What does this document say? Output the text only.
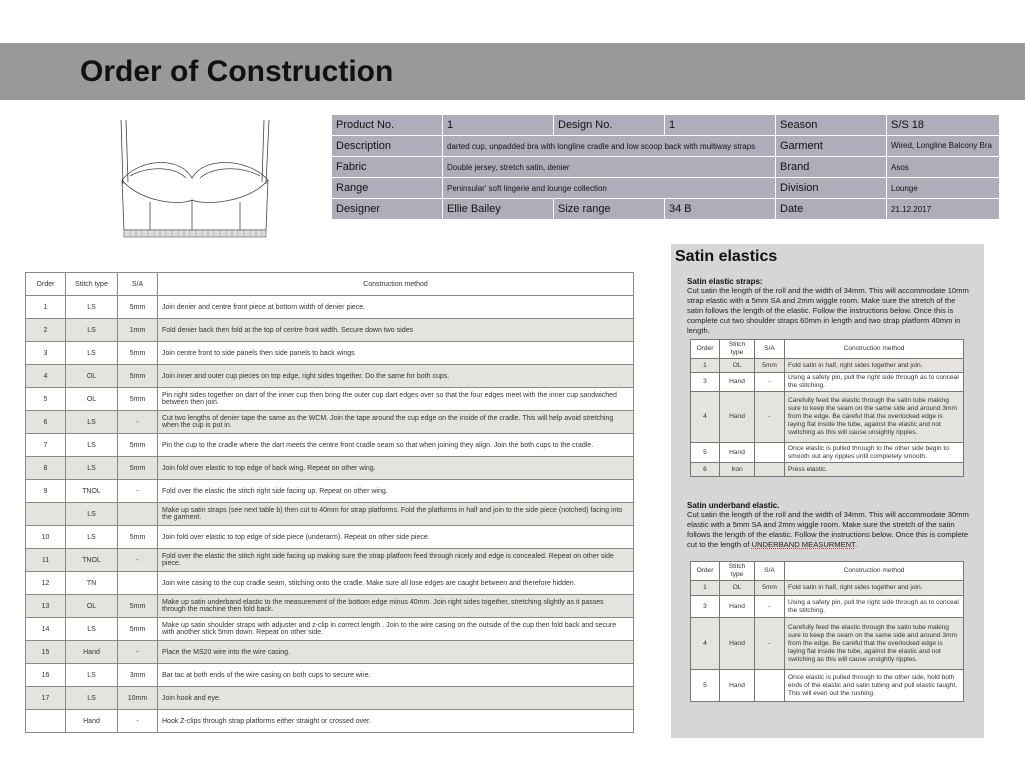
Order of Construction
Product No.	1	Design No.	1	Season	S/S 18
Description	darted cup, unpadded bra with longline cradle and low scoop back with multiway straps			Garment	Wired, Longline Balcony Bra
Fabric	Double jersey, stretch satin, denier			Brand	Asos
Range	Peninsular' soft lingerie and lounge collection			Division	Lounge
Designer	Ellie Bailey	Size range	34 B	Date	21.12.2017
Order	Stitch type	S/A	Construction method
1	LS	5mm	Join denier and centre front piece at bottom width of denier piece.
2	LS	1mm	Fold denier back then fold at the top of centre front width. Secure down two sides
3	LS	5mm	Join centre front to side panels then side panels to back wings
4	OL	5mm	Join inner and outer cup pieces on top edge, right sides together. Do the same for both cups.
5	OL	5mm	Pin right sides together on dart of the inner cup then bring the outer cup dart edges over so that the four edges meet with the inner cup sandwiched between then join.
6	LS	-	Cut two lengths of denier tape the same as the WCM. Join the tape around the cup edge on the inside of the cradle. This will help avoid stretching when the cup is put in.
7	LS	5mm	Pin the cup to the cradle where the dart meets the centre front cradle seam so that when joining they align. Join the both cups to the cradle.
8	LS	5mm	Join fold over elastic to top edge of back wing. Repeat on other wing.
9	TNOL	-	Fold over the elastic the stitch right side facing up. Repeat on other wing.
	LS		Make up satin straps (see next table b) then cut to 40mm for strap platforms. Fold the platforms in half and join to the side piece (notched) facing into the garment.
10	LS	5mm	Join fold over elastic to top edge of side piece (underarm). Repeat on other side piece.
11	TNOL	-	Fold over the elastic the stitch right side facing up making sure the strap platform feed through nicely and edge is concealed. Repeat on other side piece.
12	TN		Join wire casing to the cup cradle seam, stitching onto the cradle. Make sure all lose edges are caught between and therefore hidden.
13	OL	5mm	Make up satin underband elastic to the measurement of the bottom edge minus 40mm. Join right sides together, stretching slightly as it passes through the machine then fold back.
14	LS	5mm	Make up satin shoulder straps with adjuster and z-clip in correct length . Join to the wire casing on the outside of the cup then fold back and secure with another stick 5mm down. Repeat on other side.
15	Hand	-	Place the MS20 wire into the wire casing.
16	LS	3mm	Bar tac at both ends of the wire casing on both cups to secure wire.
17	LS	10mm	Join hook and eye.
	Hand	-	Hook Z-clips through strap platforms either straight or crossed over.
Satin elastics
Satin elastic straps:
Cut satin the length of the roll and the width of 34mm. This will accommodate 10mm strap elastic with a 5mm SA and 2mm wiggle room. Make sure the stretch of the satin follows the length of the elastic. Follow the instructions below. Once this is complete cut two shoulder straps 60mm in length and two strap platform 40mm in length.
Order	Stitch type	S/A	Construction method
1	OL	5mm	Fold satin in half, right sides together and join.
3	Hand	-	Using a safety pin, pull the right side through as to conceal the stitching.
4	Hand	-	Carefully feed the elastic through the satin tube making sure to keep the seam on the same side and around 3mm from the edge. Be careful that the overlocked edge is laying flat inside the tube, against the elastic and not switching as this will cause unsightly ripples.
5	Hand		Once elastic is pulled through to the other side begin to smooth out any ripples until completely smooth.
6	Iron		Press elastic.
Satin underband elastic.
Cut satin the length of the roll and the width of 34mm. This will accommodate 30mm elastic with a 5mm SA and 2mm wiggle room. Make sure the stretch of the satin follows the length of the elastic. Follow the instructions below. Once this is complete cut to the length of UNDERBAND MEASURMENT.
Order	Stitch type	S/A	Construction method
1	OL	5mm	Fold satin in half, right sides together and join.
3	Hand	-	Using a safety pin, pull the right side through as to conceal the stitching.
4	Hand	-	Carefully feed the elastic through the satin tube making sure to keep the seam on the same side and around 3mm from the edge. Be careful that the overlocked edge is laying flat inside the tube, against the elastic and not switching as this will cause unsightly ripples.
5	Hand		Once elastic is pulled through to the other side, hold both ends of the elastic and satin tubing and pull elastic taught. This will even out the rushing.
